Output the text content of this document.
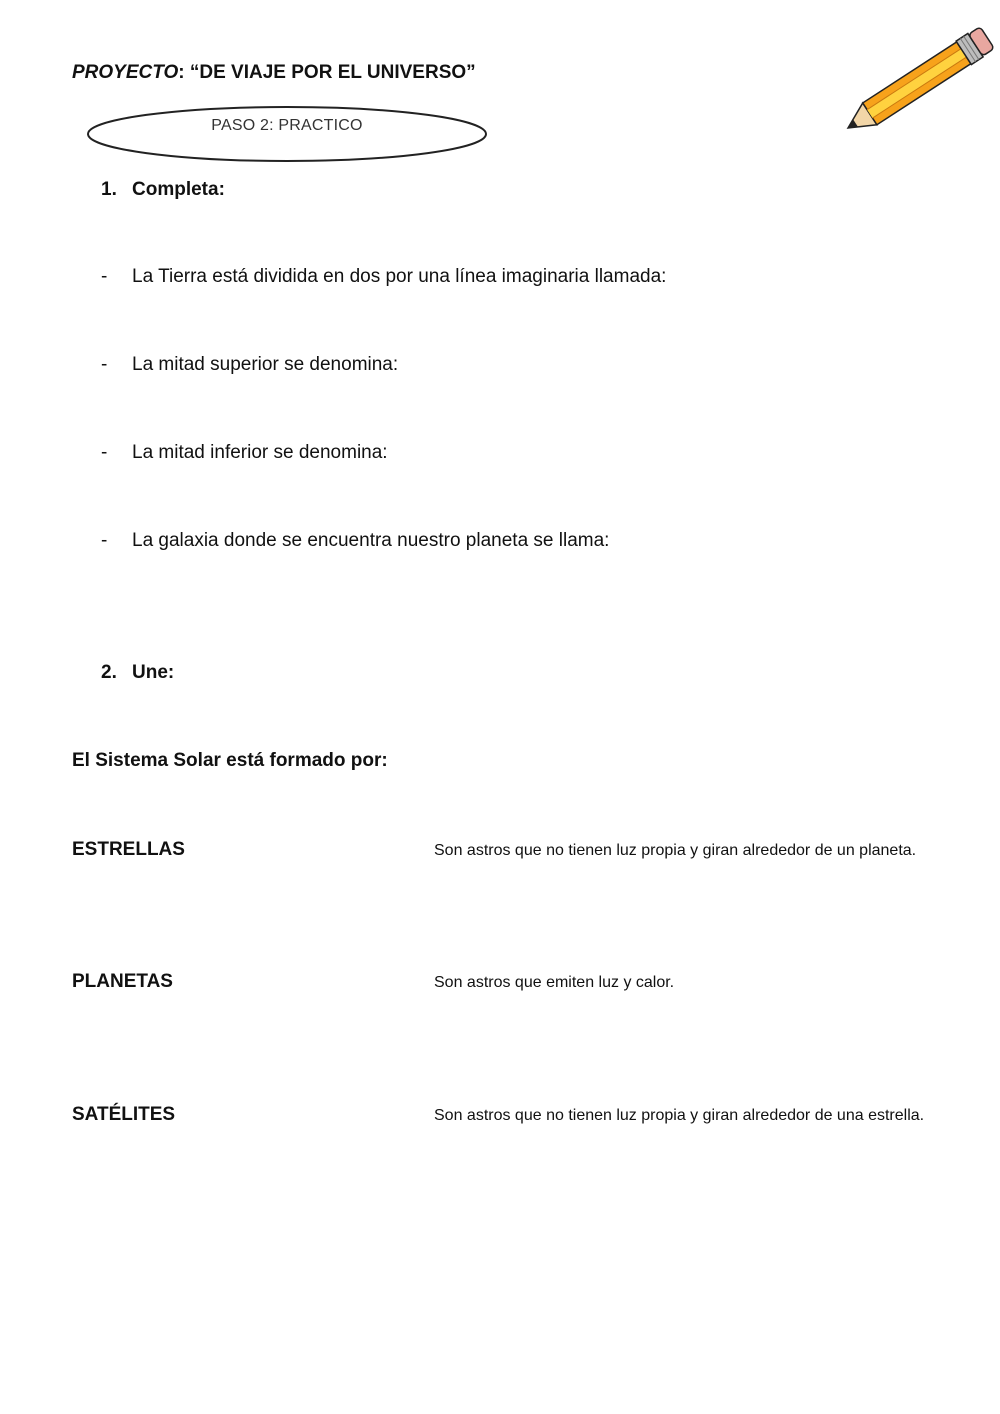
PROYECTO: “DE VIAJE POR EL UNIVERSO”
PASO 2: PRACTICO
1. Completa:
- La Tierra está dividida en dos por una línea imaginaria llamada:
- La mitad superior se denomina:
- La mitad inferior se denomina:
- La galaxia donde se encuentra nuestro planeta se llama:
2. Une:
El Sistema Solar está formado por:
ESTRELLAS	Son astros que no tienen luz propia y giran alrededor de un planeta.
PLANETAS	Son astros que emiten luz y calor.
SATÉLITES	Son astros que no tienen luz propia y giran alrededor de una estrella.
